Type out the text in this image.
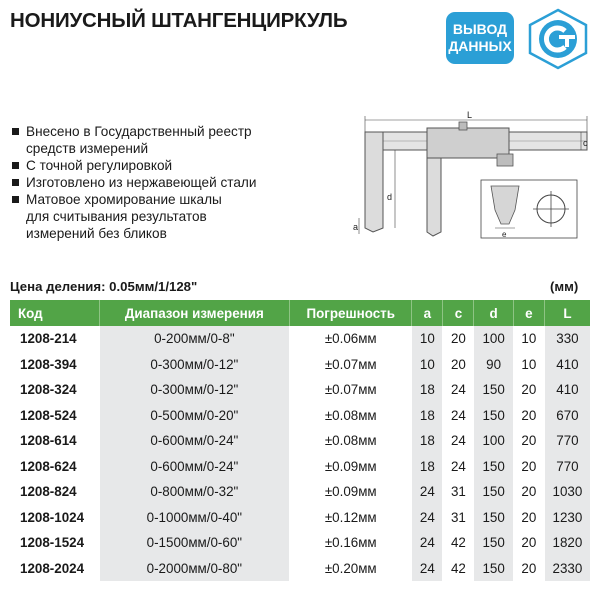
НОНИУСНЫЙ ШТАНГЕНЦИРКУЛЬ	ВЫВОД
ДАННЫХ
Внесено в Государственный реестр
средств измерений
С точной регулировкой
Изготовлено из нержавеющей стали
Матовое хромирование шкалы
для считывания результатов
измерений без бликов
L
c
d
a
e
Цена деления: 0.05мм/1/128"	(мм)
Код	Диапазон измерения	Погрешность	a	c	d	e	L
1208-214	0-200мм/0-8"	±0.06мм	10	20	100	10	330
1208-394	0-300мм/0-12"	±0.07мм	10	20	90	10	410
1208-324	0-300мм/0-12"	±0.07мм	18	24	150	20	410
1208-524	0-500мм/0-20"	±0.08мм	18	24	150	20	670
1208-614	0-600мм/0-24"	±0.08мм	18	24	100	20	770
1208-624	0-600мм/0-24"	±0.09мм	18	24	150	20	770
1208-824	0-800мм/0-32"	±0.09мм	24	31	150	20	1030
1208-1024	0-1000мм/0-40"	±0.12мм	24	31	150	20	1230
1208-1524	0-1500мм/0-60"	±0.16мм	24	42	150	20	1820
1208-2024	0-2000мм/0-80"	±0.20мм	24	42	150	20	2330
